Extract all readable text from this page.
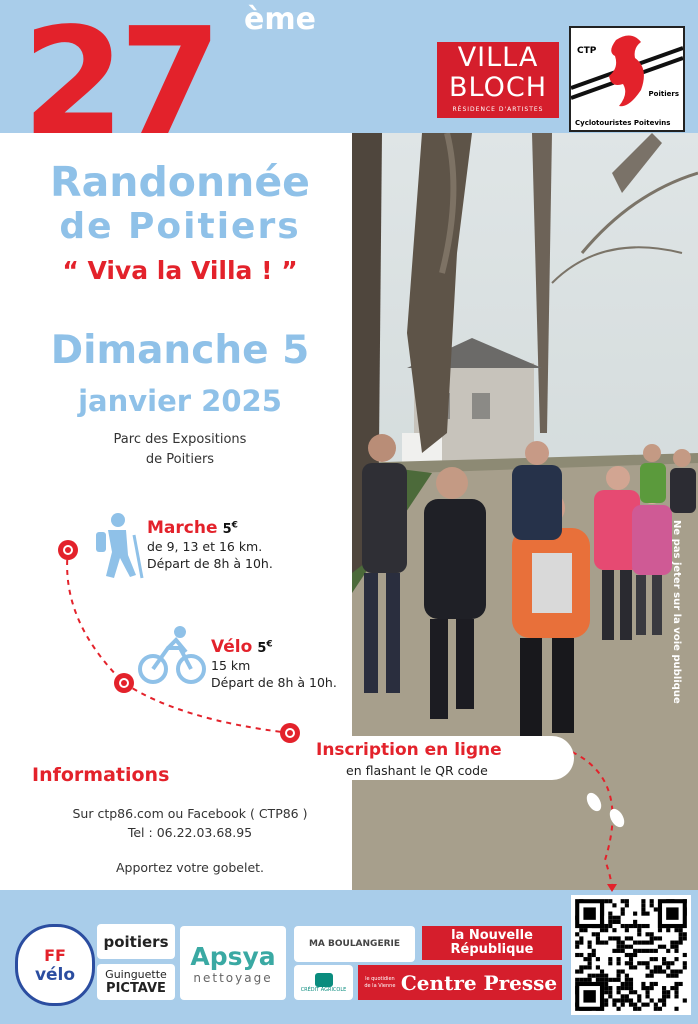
27 ème
VILLA
BLOCH
RÉSIDENCE D'ARTISTES
CTP
Poitiers
Cyclotouristes Poitevins
Randonnée
de Poitiers
“ Viva la Villa ! ”
Dimanche 5
janvier 2025
Parc des Expositions
de Poitiers
Marche 5€
de 9, 13 et 16 km.
Départ de 8h à 10h.
Vélo 5€
15 km
Départ de 8h à 10h.
Inscription en ligne
en flashant le QR code
Informations
Sur ctp86.com ou Facebook ( CTP86 )
Tel : 06.22.03.68.95
Apportez votre gobelet.
Ne pas jeter sur la voie publique
FF
vélo
poitiers
Guinguette
PICTAVE
Apsya
nettoyage
MA BOULANGERIE
CRÉDIT AGRICOLE
la Nouvelle
République
le quotidien de la Vienne Centre Presse
